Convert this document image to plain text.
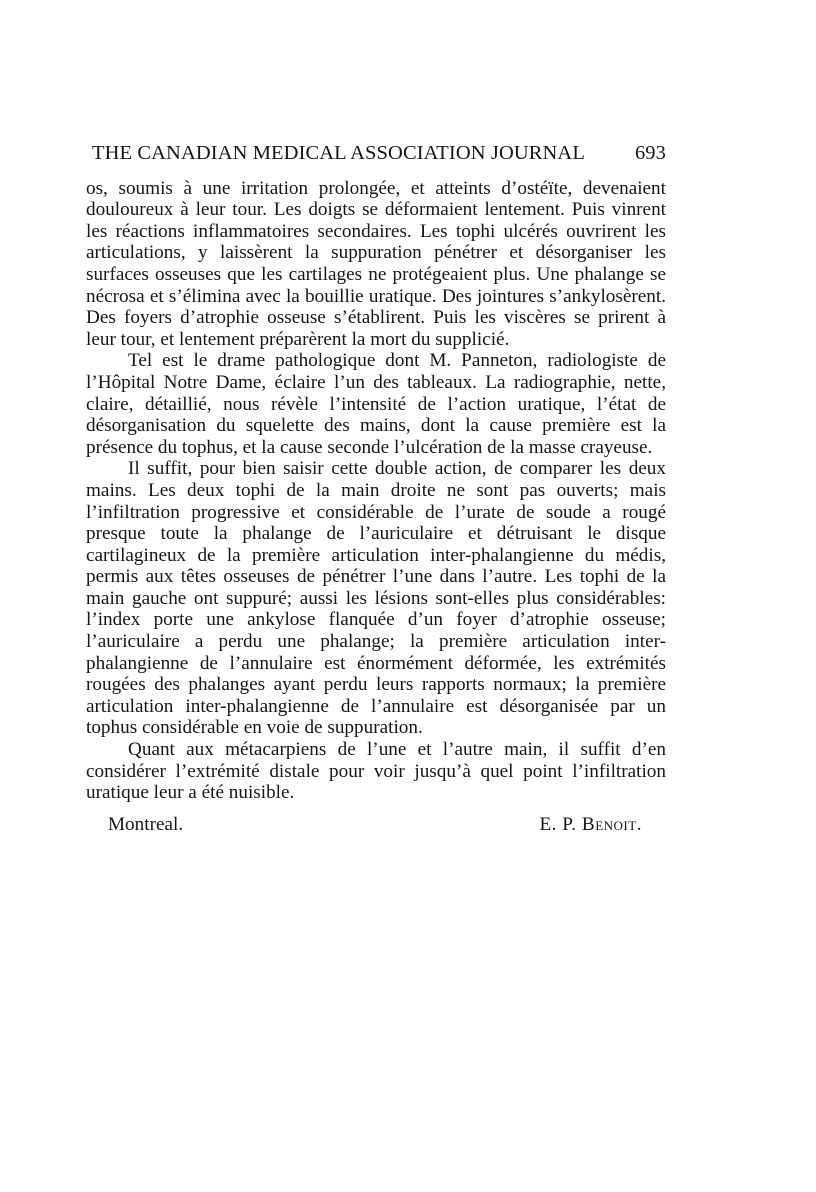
THE CANADIAN MEDICAL ASSOCIATION JOURNAL 693

os, soumis à une irritation prolongée, et atteints d’ostéïte, devenaient douloureux à leur tour. Les doigts se déformaient lentement. Puis vinrent les réactions inflammatoires secondaires. Les tophi ulcérés ouvrirent les articulations, y laissèrent la suppuration pénétrer et désorganiser les surfaces osseuses que les cartilages ne protégeaient plus. Une phalange se nécrosa et s’élimina avec la bouillie uratique. Des jointures s’ankylosèrent. Des foyers d’atrophie osseuse s’établirent. Puis les viscères se prirent à leur tour, et lentement préparèrent la mort du supplicié.

Tel est le drame pathologique dont M. Panneton, radiologiste de l’Hôpital Notre Dame, éclaire l’un des tableaux. La radiographie, nette, claire, détaillié, nous révèle l’intensité de l’action uratique, l’état de désorganisation du squelette des mains, dont la cause première est la présence du tophus, et la cause seconde l’ulcération de la masse crayeuse.

Il suffit, pour bien saisir cette double action, de comparer les deux mains. Les deux tophi de la main droite ne sont pas ouverts; mais l’infiltration progressive et considérable de l’urate de soude a rougé presque toute la phalange de l’auriculaire et détruisant le disque cartilagineux de la première articulation inter-phalangienne du médis, permis aux têtes osseuses de pénétrer l’une dans l’autre. Les tophi de la main gauche ont suppuré; aussi les lésions sont-elles plus considérables: l’index porte une ankylose flanquée d’un foyer d’atrophie osseuse; l’auriculaire a perdu une phalange; la première articulation inter-phalangienne de l’annulaire est énormément déformée, les extrémités rougées des phalanges ayant perdu leurs rapports normaux; la première articulation inter-phalangienne de l’annulaire est désorganisée par un tophus considérable en voie de suppuration.

Quant aux métacarpiens de l’une et l’autre main, il suffit d’en considérer l’extrémité distale pour voir jusqu’à quel point l’infiltration uratique leur a été nuisible.

Montreal.	E. P. Benoit.
